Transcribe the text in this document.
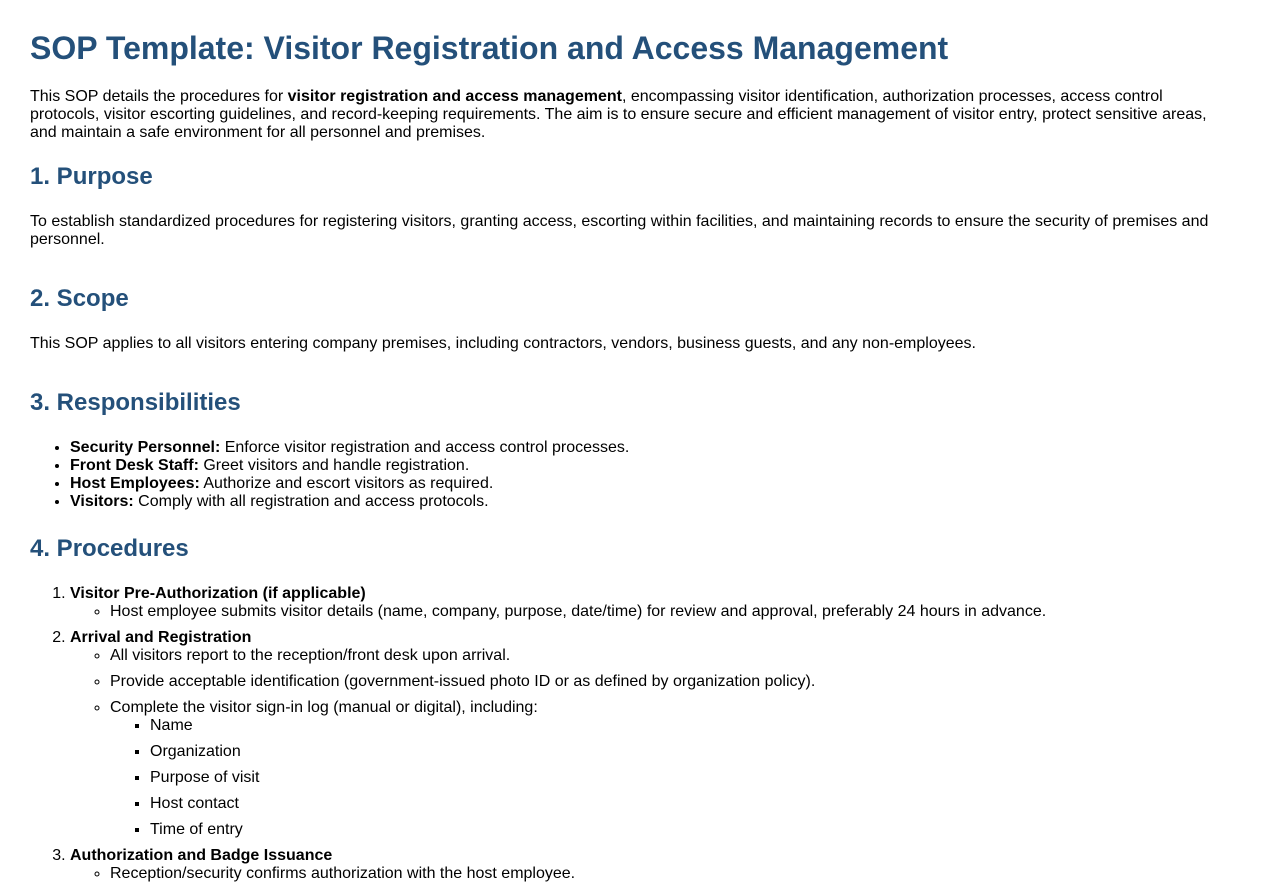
SOP Template: Visitor Registration and Access Management

This SOP details the procedures for visitor registration and access management, encompassing visitor identification, authorization processes, access control protocols, visitor escorting guidelines, and record-keeping requirements. The aim is to ensure secure and efficient management of visitor entry, protect sensitive areas, and maintain a safe environment for all personnel and premises.

1. Purpose

To establish standardized procedures for registering visitors, granting access, escorting within facilities, and maintaining records to ensure the security of premises and personnel.

2. Scope

This SOP applies to all visitors entering company premises, including contractors, vendors, business guests, and any non-employees.

3. Responsibilities
• Security Personnel: Enforce visitor registration and access control processes.
• Front Desk Staff: Greet visitors and handle registration.
• Host Employees: Authorize and escort visitors as required.
• Visitors: Comply with all registration and access protocols.
4. Procedures
1. Visitor Pre-Authorization (if applicable)
◦ Host employee submits visitor details (name, company, purpose, date/time) for review and approval, preferably 24 hours in advance.
2. Arrival and Registration
◦ All visitors report to the reception/front desk upon arrival.
◦ Provide acceptable identification (government-issued photo ID or as defined by organization policy).
◦ Complete the visitor sign-in log (manual or digital), including:
▪ Name
▪ Organization
▪ Purpose of visit
▪ Host contact
▪ Time of entry
3. Authorization and Badge Issuance
◦ Reception/security confirms authorization with the host employee.
